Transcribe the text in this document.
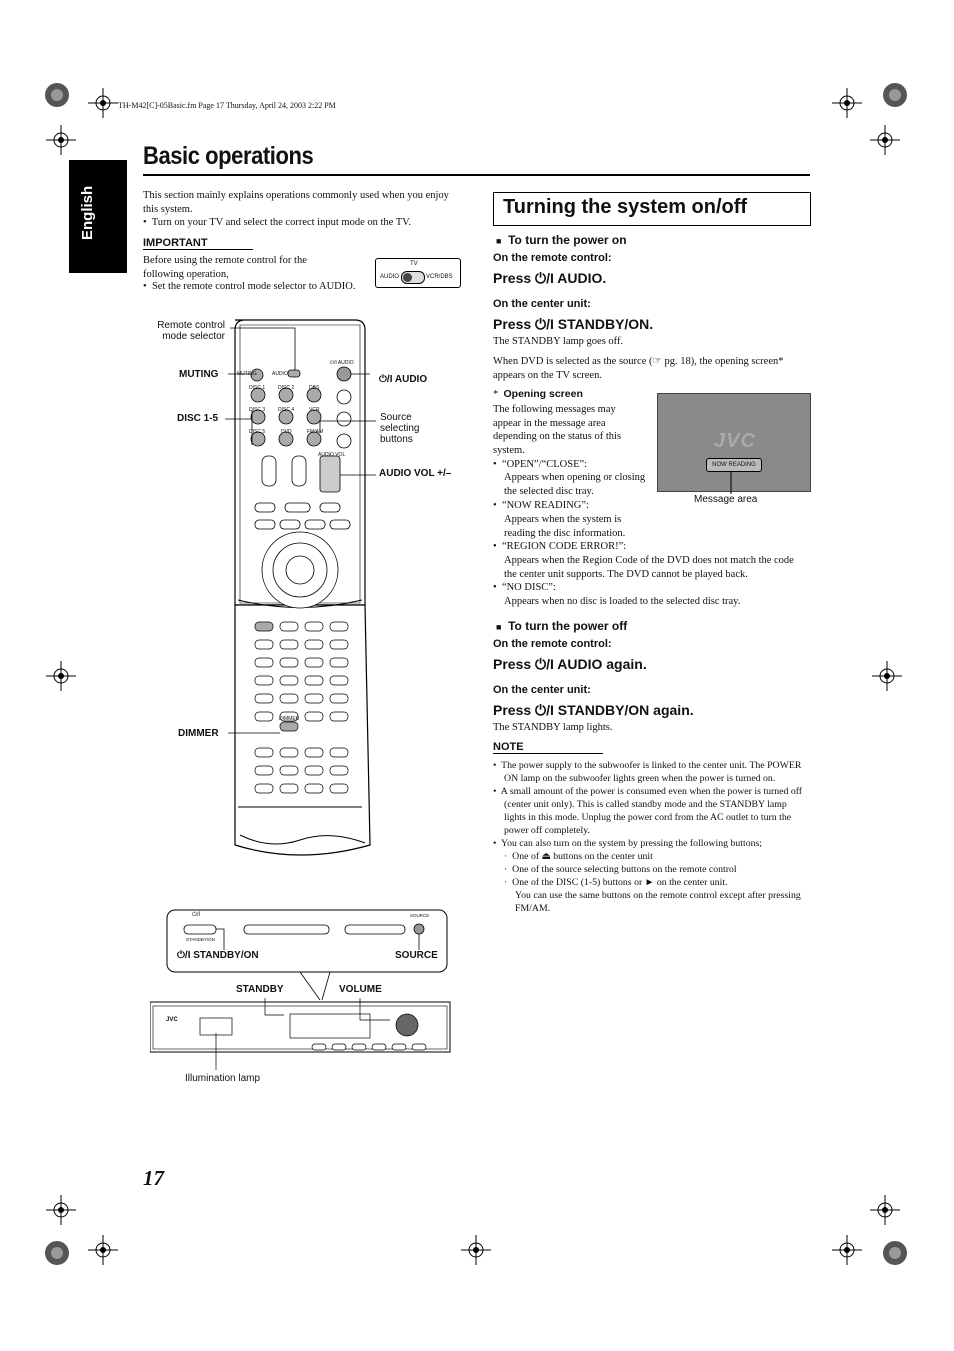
TH-M42[C]-05Basic.fm Page 17 Thursday, April 24, 2003 2:22 PM
English
Basic operations
This section mainly explains operations commonly used when you enjoy this system.
•  Turn on your TV and select the correct input mode on the TV.
IMPORTANT
Before using the remote control for the following operation,
•  Set the remote control mode selector to AUDIO.
TV
AUDIO	VCR/DBS
MUTING	AUDIO
⏻/I AUDIO
DISC 1	DISC 2	DBS
DISC 3	DISC 4	VCR
DISC 5	DVD	FM/AM
AUDIO VOL
DIMMER
Remote control mode selector
MUTING
DISC 1-5
DIMMER
⏻/I AUDIO
Source selecting buttons
AUDIO VOL +/–
⏻/I
STANDBY/ON
SOURCE
JVC
⏻/I STANDBY/ON	SOURCE
STANDBY	VOLUME
Illumination lamp
Turning the system on/off
■ To turn the power on
On the remote control:
Press ⏻/I AUDIO.
On the center unit:
Press ⏻/I STANDBY/ON.
The STANDBY lamp goes off.
When DVD is selected as the source (☞ pg. 18), the opening screen* appears on the TV screen.
*  Opening screen
The following messages may appear in the message area depending on the status of this system.	JVC
NOW READING
Message area
•  “OPEN”/“CLOSE”:
Appears when opening or closing the selected disc tray.
•  “NOW READING”:
Appears when the system is reading the disc information.
•  “REGION CODE ERROR!”:
Appears when the Region Code of the DVD does not match the code the center unit supports. The DVD cannot be played back.
•  “NO DISC”:
Appears when no disc is loaded to the selected disc tray.
■ To turn the power off
On the remote control:
Press ⏻/I AUDIO again.
On the center unit:
Press ⏻/I STANDBY/ON again.
The STANDBY lamp lights.
NOTE
•  The power supply to the subwoofer is linked to the center unit. The POWER ON lamp on the subwoofer lights green when the power is turned on.
•  A small amount of the power is consumed even when the power is turned off (center unit only). This is called standby mode and the STANDBY lamp lights in this mode. Unplug the power cord from the AC outlet to turn the power off completely.
•  You can also turn on the system by pressing the following buttons;
·  One of ⏏ buttons on the center unit
·  One of the source selecting buttons on the remote control
·  One of the DISC (1-5) buttons or ► on the center unit.
You can use the same buttons on the remote control except after pressing FM/AM.
17
